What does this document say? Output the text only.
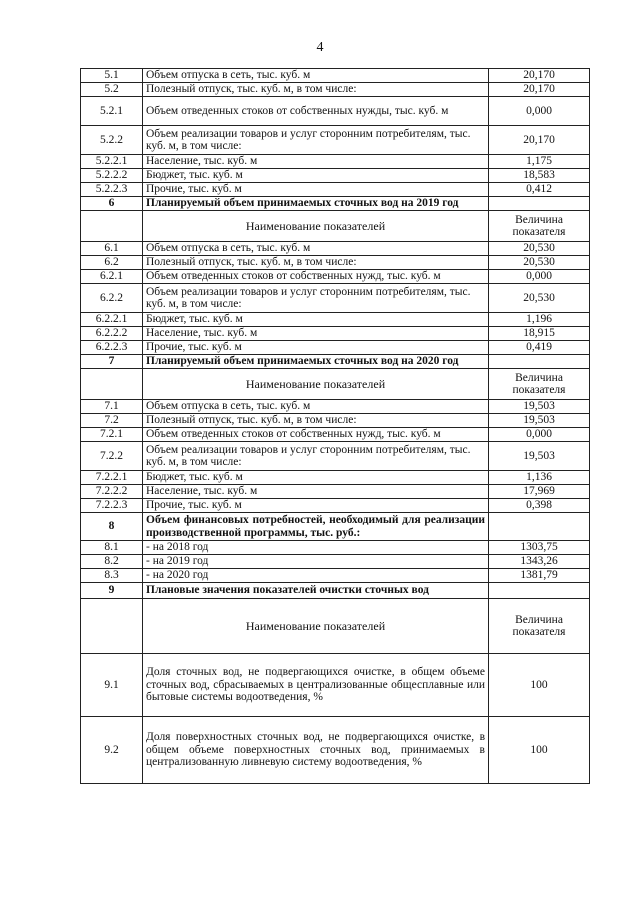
4
5.1	Объем отпуска в сеть, тыс. куб. м	20,170
5.2	Полезный отпуск, тыс. куб. м, в том числе:	20,170
5.2.1	Объем отведенных стоков от собственных нужды, тыс. куб. м	0,000
5.2.2	Объем реализации товаров и услуг сторонним потребителям, тыс. куб. м, в том числе:	20,170
5.2.2.1	Население, тыс. куб. м	1,175
5.2.2.2	Бюджет, тыс. куб. м	18,583
5.2.2.3	Прочие, тыс. куб. м	0,412
6	Планируемый объем принимаемых сточных вод на 2019 год	
	Наименование показателей	Величина показателя
6.1	Объем отпуска в сеть, тыс. куб. м	20,530
6.2	Полезный отпуск, тыс. куб. м, в том числе:	20,530
6.2.1	Объем отведенных стоков от собственных нужд, тыс. куб. м	0,000
6.2.2	Объем реализации товаров и услуг сторонним потребителям, тыс. куб. м, в том числе:	20,530
6.2.2.1	Бюджет, тыс. куб. м	1,196
6.2.2.2	Население, тыс. куб. м	18,915
6.2.2.3	Прочие, тыс. куб. м	0,419
7	Планируемый объем принимаемых сточных вод на 2020 год	
	Наименование показателей	Величина показателя
7.1	Объем отпуска в сеть, тыс. куб. м	19,503
7.2	Полезный отпуск, тыс. куб. м, в том числе:	19,503
7.2.1	Объем отведенных стоков от собственных нужд, тыс. куб. м	0,000
7.2.2	Объем реализации товаров и услуг сторонним потребителям, тыс. куб. м, в том числе:	19,503
7.2.2.1	Бюджет, тыс. куб. м	1,136
7.2.2.2	Население, тыс. куб. м	17,969
7.2.2.3	Прочие, тыс. куб. м	0,398
8	Объем финансовых потребностей, необходимый для реализации производственной программы, тыс. руб.:	
8.1	- на 2018 год	1303,75
8.2	- на 2019 год	1343,26
8.3	- на 2020 год	1381,79
9	Плановые значения показателей очистки сточных вод	
	Наименование показателей	Величина показателя
9.1	Доля сточных вод, не подвергающихся очистке, в общем объеме сточных вод, сбрасываемых в централизованные общесплавные или бытовые системы водоотведения, %	100
9.2	Доля поверхностных сточных вод, не подвергающихся очистке, в общем объеме поверхностных сточных вод, принимаемых в централизованную ливневую систему водоотведения, %	100
